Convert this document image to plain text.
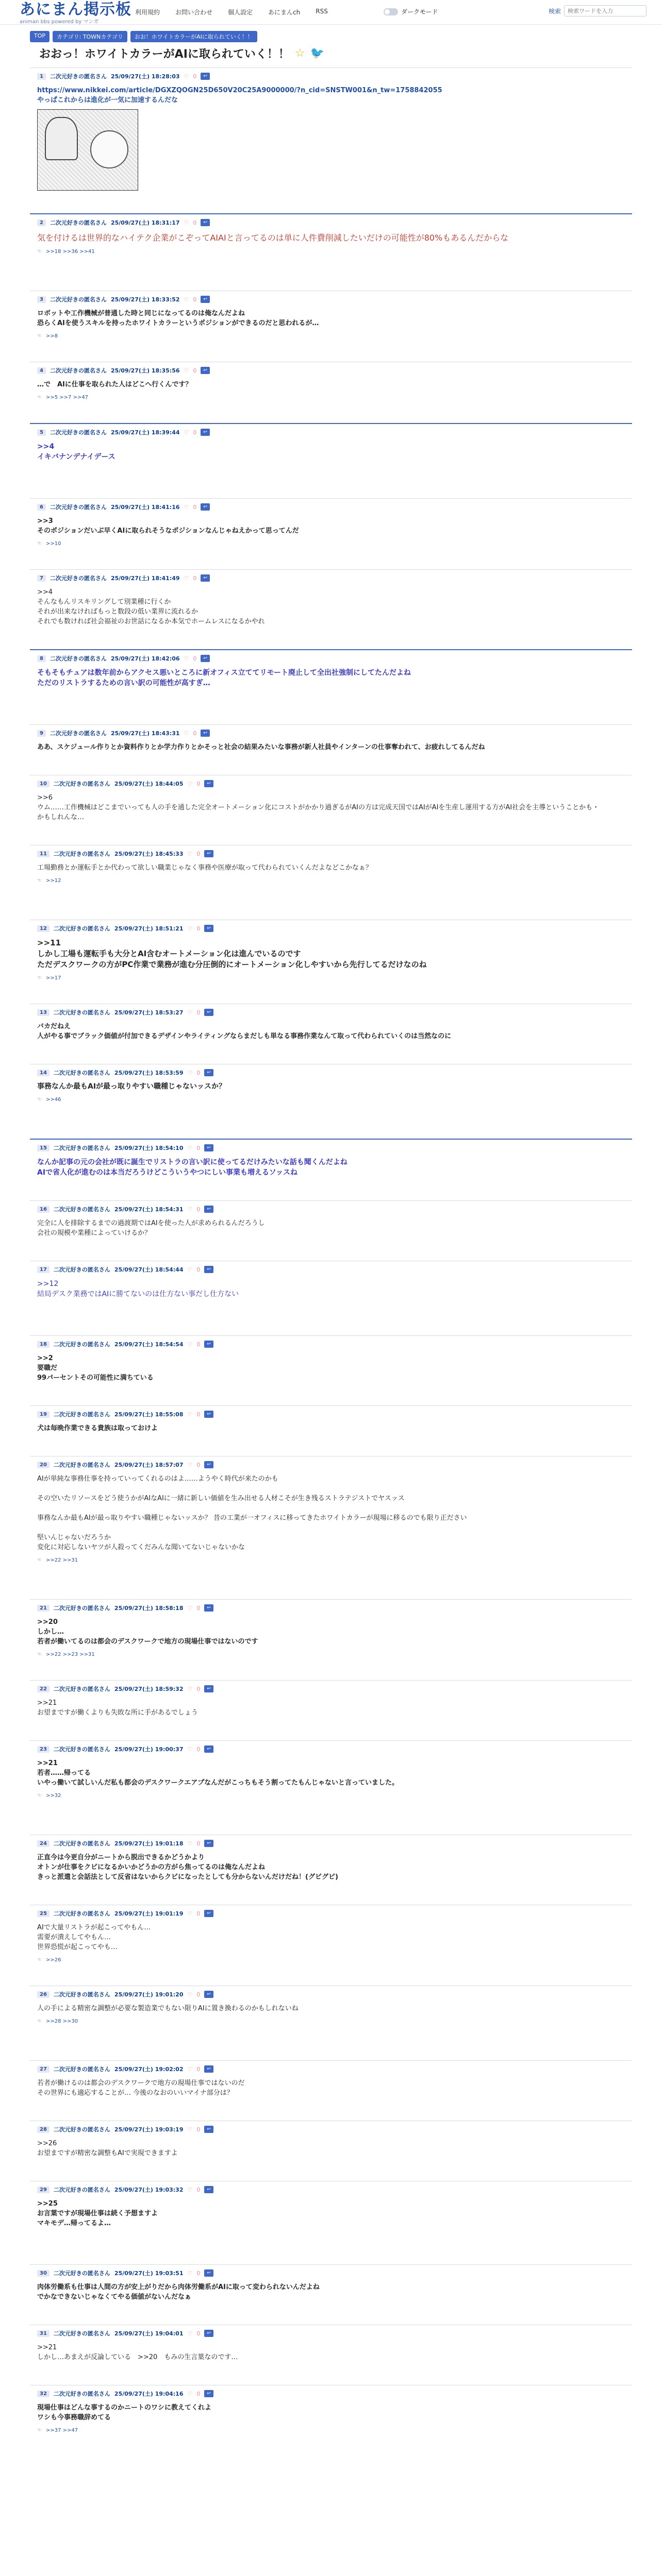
あにまん掲示板
animan bbs powered by マンガ
利用規約	お問い合わせ	個人設定	あにまんch	RSS	ダークモード	検索
検索ワードを入力
TOP	カテゴリ: TOWNカテゴリ	おお！ホワイトカラーがAIに取られていく！！
おおっ！ホワイトカラーがAIに取られていく！！ ☆ 🐦
1	二次元好きの匿名さん 25/09/27(土) 18:28:03 ♡ 0	↩
https://www.nikkei.com/article/DGXZQOGN25D650V20C25A9000000/?n_cid=SNSTW001&n_tw=1758842055
やっぱこれからは進化が一気に加速するんだな
2	二次元好きの匿名さん 25/09/27(土) 18:31:17 ♡ 0	↩
気を付けるは世界的なハイテク企業がこぞってAIAIと言ってるのは単に人件費削減したいだけの可能性が80%もあるんだからな
☜ >>18 >>36 >>41
3	二次元好きの匿名さん 25/09/27(土) 18:33:52 ♡ 0	↩
ロボットや工作機械が普通した時と同じになってるのは俺なんだよね
恐らくAIを使うスキルを持ったホワイトカラーというポジションができるのだと思われるが…
☜ >>8
4	二次元好きの匿名さん 25/09/27(土) 18:35:56 ♡ 0	↩
…で　AIに仕事を取られた人はどこへ行くんです？
☜ >>5 >>7 >>47
5	二次元好きの匿名さん 25/09/27(土) 18:39:44 ♡ 0	↩
>>4
イキバナンデナイデース
6	二次元好きの匿名さん 25/09/27(土) 18:41:16 ♡ 0	↩
>>3
そのポジションだいぶ早くAIに取られそうなポジションなんじゃねえかって思ってんだ
☜ >>10
7	二次元好きの匿名さん 25/09/27(土) 18:41:49 ♡ 0	↩
>>4
そんなもんリスキリングして別業種に行くか
それが出来なければもっと数段の低い業界に流れるか
それでも数ければ社会福祉のお世話になるか本気でホームレスになるかやれ
8	二次元好きの匿名さん 25/09/27(土) 18:42:06 ♡ 0	↩
そもそもチュアは数年前からアクセス悪いところに新オフィス立ててリモート廃止して全出社強制にしてたんだよね
ただのリストラするための言い訳の可能性が高すぎ…
9	二次元好きの匿名さん 25/09/27(土) 18:43:31 ♡ 0	↩
ああ、スケジュール作りとか資料作りとか学力作りとかそっと社会の結果みたいな事務が新人社員やインターンの仕事奪われて、お疲れしてるんだね
10	二次元好きの匿名さん 25/09/27(土) 18:44:05 ♡ 0	↩
>>6
ウム……工作機械はどこまでいっても人の手を通した完全オートメーション化にコストがかかり過ぎるがAIの方は完成天国ではAIがAIを生産し運用する方がAI社会を主導ということかも・
かもしれんな…
11	二次元好きの匿名さん 25/09/27(土) 18:45:33 ♡ 0	↩
工場勤務とか運転手とか代わって欲しい職業じゃなく事務や医療が取って代わられていくんだよなどこかなぁ？
☜ >>12
12	二次元好きの匿名さん 25/09/27(土) 18:51:21 ♡ 0	↩
>>11
しかし工場も運転手も大分とAI含むオートメーション化は進んでいるのです
ただデスクワークの方がPC作業で業務が進む分圧倒的にオートメーション化しやすいから先行してるだけなのね
☜ >>17
13	二次元好きの匿名さん 25/09/27(土) 18:53:27 ♡ 0	↩
バカだねえ
人がやる事でブラック価値が付加できるデザインやライティングならまだしも単なる事務作業なんて取って代わられていくのは当然なのに
14	二次元好きの匿名さん 25/09/27(土) 18:53:59 ♡ 0	↩
事務なんか最もAIが最っ取りやすい職種じゃないッスか？
☜ >>46
15	二次元好きの匿名さん 25/09/27(土) 18:54:10 ♡ 0	↩
なんか記事の元の会社が既に誕生でリストラの言い訳に使ってるだけみたいな話も聞くんだよね
AIで省人化が進むのは本当だろうけどこういうやつにしい事業も増えるソッスね
16	二次元好きの匿名さん 25/09/27(土) 18:54:31 ♡ 0	↩
完全に人を排除するまでの過渡期ではAIを使った人が求められるんだろうし
会社の規模や業種によっていけるか？
17	二次元好きの匿名さん 25/09/27(土) 18:54:44 ♡ 0	↩
>>12
結局デスク業務ではAIに勝てないのは仕方ない事だし仕方ない
18	二次元好きの匿名さん 25/09/27(土) 18:54:54 ♡ 0	↩
>>2
要職だ
99パーセントその可能性に満ちている
19	二次元好きの匿名さん 25/09/27(土) 18:55:08 ♡ 0	↩
犬は毎晩作業できる貴族は取っておけよ
20	二次元好きの匿名さん 25/09/27(土) 18:57:07 ♡ 0	↩
AIが単純な事務仕事を持っていってくれるのはよ……ようやく時代が来たのかも

その空いたリソースをどう使うかがAIなAIに一緒に新しい価値を生み出せる人材こそが生き残るストラテジストでヤスッス

事務なんか最もAIが最っ取りやすい職種じゃないッスか？ 昔の工業が一オフィスに移ってきたホワイトカラーが現場に移るのでも限り正ださい

堅いんじゃないだろうか
変化に対応しないヤツが人殺ってくだみんな聞いてないじゃないかな
☜ >>22 >>31
21	二次元好きの匿名さん 25/09/27(土) 18:58:18 ♡ 0	↩
>>20
しかし…
若者が働いてるのは都会のデスクワークで地方の現場仕事ではないのです
☜ >>22 >>23 >>31
22	二次元好きの匿名さん 25/09/27(土) 18:59:32 ♡ 0	↩
>>21
お望まですが働くよりも失敗な所に手があるでしょう
23	二次元好きの匿名さん 25/09/27(土) 19:00:37 ♡ 0	↩
>>21
若者……帰ってる
いやっ働いて試しいんだ私も都会のデスクワークエアプなんだがこっちもそう割ってたもんじゃないと言っていました。
☜ >>32
24	二次元好きの匿名さん 25/09/27(土) 19:01:18 ♡ 0	↩
正直今は今更自分がニートから脱出できるかどうかより
オトンが仕事をクビになるかいかどうかの方がら焦ってるのは俺なんだよね
きっと派遣と会話法として反省はないからクビになったとしても分からないんだけだね！(グビグビ)
25	二次元好きの匿名さん 25/09/27(土) 19:01:19 ♡ 0	↩
AIで大量リストラが起こってやもん…
需要が潰えしてやもん…
世界恐慌が起こってやも…
☜ >>26
26	二次元好きの匿名さん 25/09/27(土) 19:01:20 ♡ 0	↩
人の手による精密な調整が必要な製造業でもない限りAIに置き換わるのかもしれないね
☜ >>28 >>30
27	二次元好きの匿名さん 25/09/27(土) 19:02:02 ♡ 0	↩
若者が働けるのは都会のデスクワークで地方の現場仕事ではないのだ
その世界にも適応することが… 今後のなおのいいマイナ部分は？
28	二次元好きの匿名さん 25/09/27(土) 19:03:19 ♡ 0	↩
>>26
お望まですが精密な調整もAIで実現できますよ
29	二次元好きの匿名さん 25/09/27(土) 19:03:32 ♡ 0	↩
>>25
お言葉ですが現場仕事は続く予想ますよ
マキモデ…帰ってるよ…
30	二次元好きの匿名さん 25/09/27(土) 19:03:51 ♡ 0	↩
肉体労働系も仕事は人間の方が安上がりだから肉体労働系がAIに取って変わられないんだよね
でかなできないじゃなくてやる価値がないんだなぁ
31	二次元好きの匿名さん 25/09/27(土) 19:04:01 ♡ 0	↩
>>21
しかし…あまえが反論している　>>20　もみの生言葉なのです…
32	二次元好きの匿名さん 25/09/27(土) 19:04:16 ♡ 0	↩
現場仕事はどんな事するのかニートのワシに教えてくれよ
ワシも今事務職辞めてる
☜ >>37 >>47
